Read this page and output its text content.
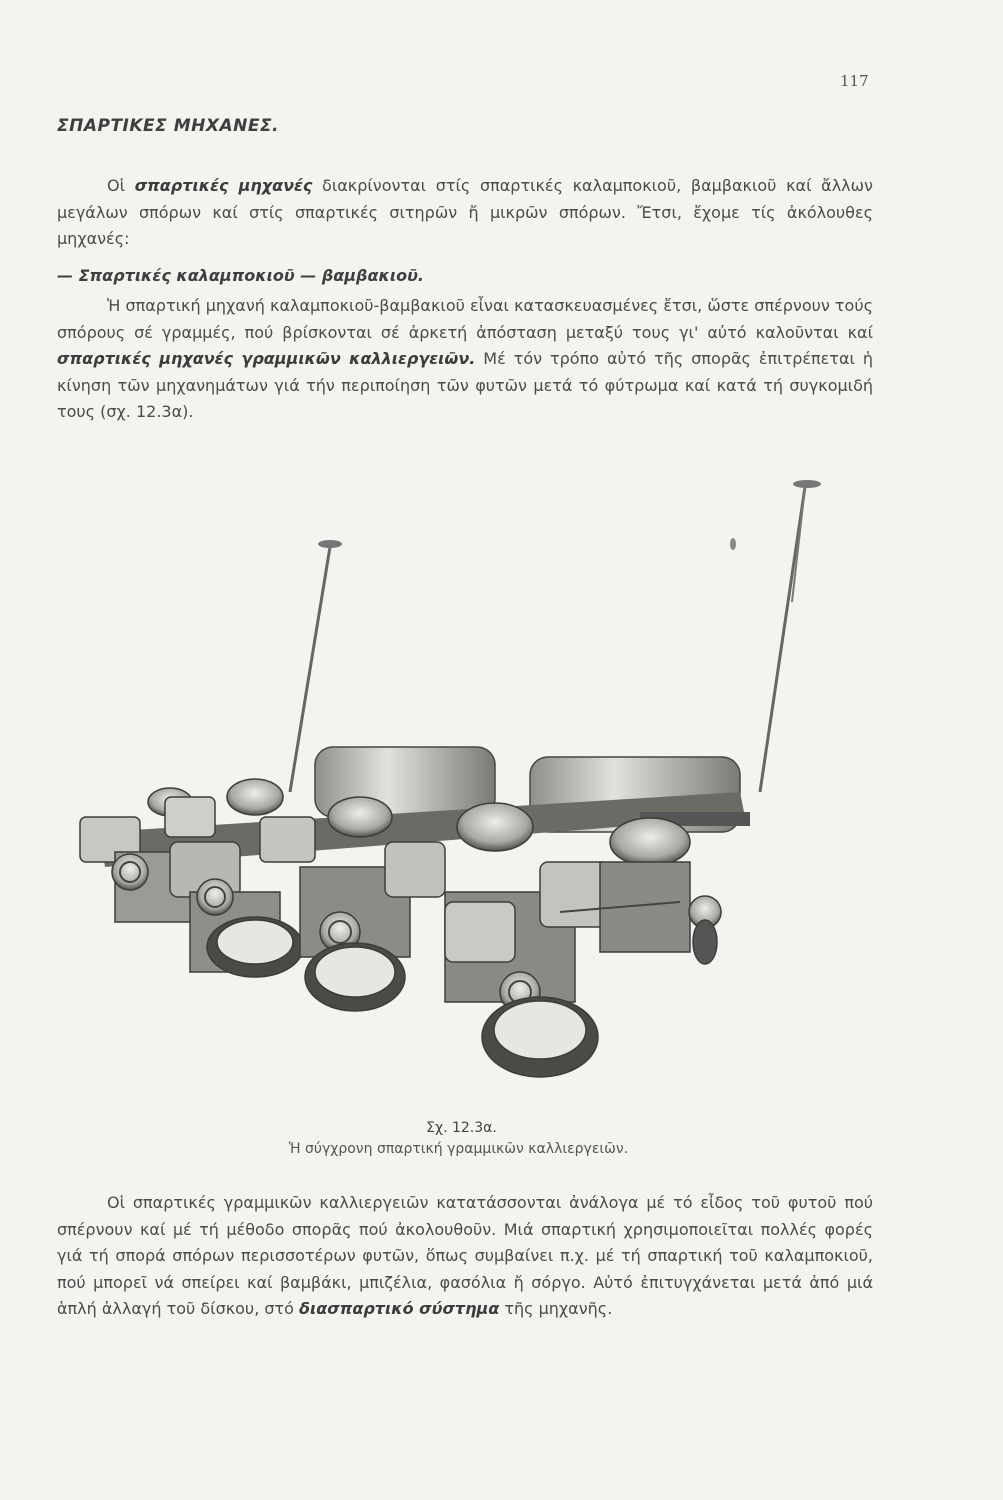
117
ΣΠΑΡΤΙΚΕΣ ΜΗΧΑΝΕΣ.
Οἱ σπαρτικές μηχανές διακρίνονται στίς σπαρτικές καλαμποκιοῦ, βαμβακιοῦ καί ἄλλων μεγάλων σπόρων καί στίς σπαρτικές σιτηρῶν ἤ μικρῶν σπόρων. Ἔτσι, ἔχομε τίς ἀκόλουθες μηχανές:
— Σπαρτικές καλαμποκιοῦ — βαμβακιοῦ.
Ἡ σπαρτική μηχανή καλαμποκιοῦ-βαμβακιοῦ εἶναι κατασκευασμένες ἔτσι, ὥστε σπέρνουν τούς σπόρους σέ γραμμές, πού βρίσκονται σέ ἀρκετή ἀπόσταση μεταξύ τους γι' αὐτό καλοῦνται καί σπαρτικές μηχανές γραμμικῶν καλλιεργειῶν. Μέ τόν τρόπο αὐτό τῆς σπορᾶς ἐπιτρέπεται ἡ κίνηση τῶν μηχανημάτων γιά τήν περιποίηση τῶν φυτῶν μετά τό φύτρωμα καί κατά τή συγκομιδή τους (σχ. 12.3α).
Σχ. 12.3α.
Ἡ σύγχρονη σπαρτική γραμμικῶν καλλιεργειῶν.
Οἱ σπαρτικές γραμμικῶν καλλιεργειῶν κατατάσσονται ἀνάλογα μέ τό εἶδος τοῦ φυτοῦ πού σπέρνουν καί μέ τή μέθοδο σπορᾶς πού ἀκολουθοῦν. Μιά σπαρτική χρησιμοποιεῖται πολλές φορές γιά τή σπορά σπόρων περισσοτέρων φυτῶν, ὅπως συμβαίνει π.χ. μέ τή σπαρτική τοῦ καλαμποκιοῦ, πού μπορεῖ νά σπείρει καί βαμβάκι, μπιζέλια, φασόλια ἤ σόργο. Αὐτό ἐπιτυγχάνεται μετά ἀπό μιά ἁπλή ἀλλαγή τοῦ δίσκου, στό διασπαρτικό σύστημα τῆς μηχανῆς.
